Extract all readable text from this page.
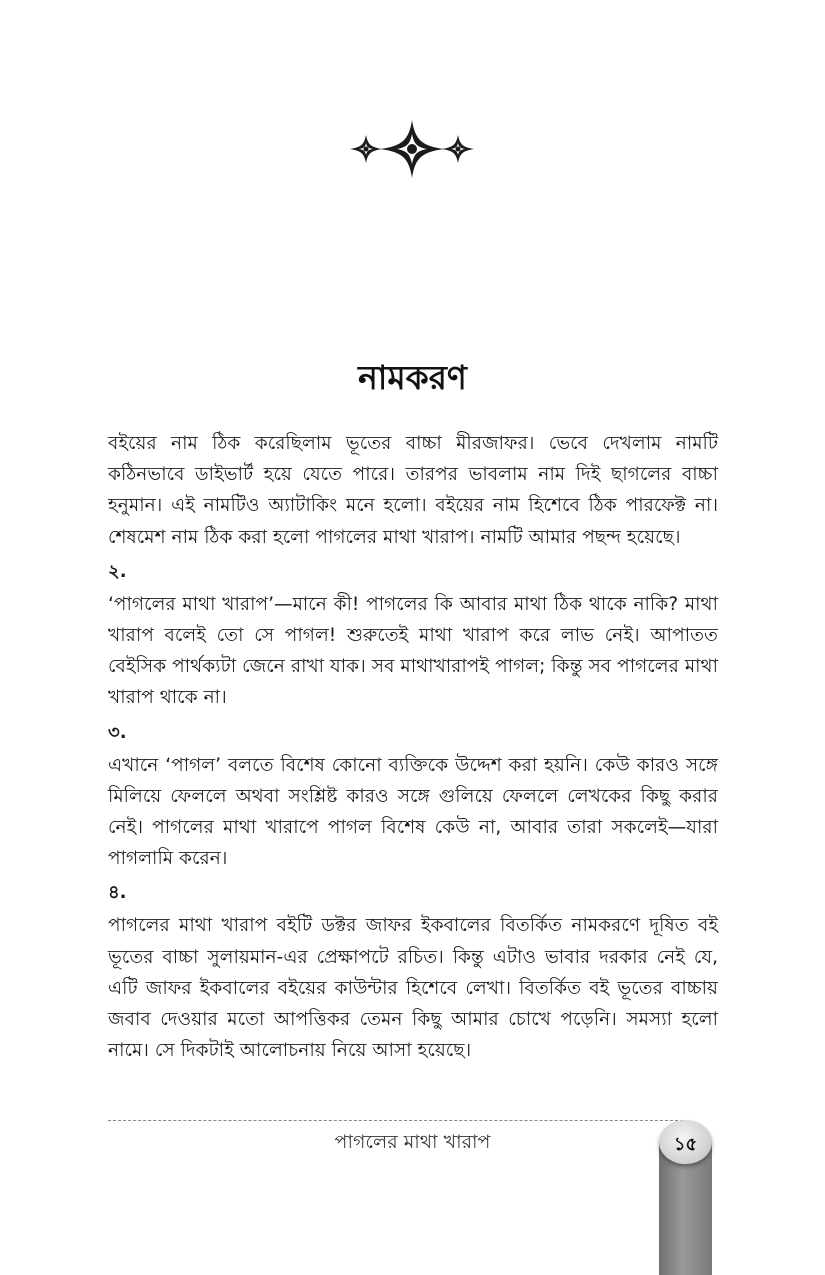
নামকরণ

বইয়ের নাম ঠিক করেছিলাম ভূতের বাচ্চা মীরজাফর। ভেবে দেখলাম নামটি কঠিনভাবে ডাইভার্ট হয়ে যেতে পারে। তারপর ভাবলাম নাম দিই ছাগলের বাচ্চা হনুমান। এই নামটিও অ্যাটাকিং মনে হলো। বইয়ের নাম হিশেবে ঠিক পারফেক্ট না। শেষমেশ নাম ঠিক করা হলো পাগলের মাথা খারাপ। নামটি আমার পছন্দ হয়েছে।

২.

‘পাগলের মাথা খারাপ’—মানে কী! পাগলের কি আবার মাথা ঠিক থাকে নাকি? মাথা খারাপ বলেই তো সে পাগল! শুরুতেই মাথা খারাপ করে লাভ নেই। আপাতত বেইসিক পার্থক্যটা জেনে রাখা যাক। সব মাথাখারাপই পাগল; কিন্তু সব পাগলের মাথা খারাপ থাকে না।

৩.

এখানে ‘পাগল’ বলতে বিশেষ কোনো ব্যক্তিকে উদ্দেশ করা হয়নি। কেউ কারও সঙ্গে মিলিয়ে ফেললে অথবা সংশ্লিষ্ট কারও সঙ্গে গুলিয়ে ফেললে লেখকের কিছু করার নেই। পাগলের মাথা খারাপে পাগল বিশেষ কেউ না, আবার তারা সকলেই—যারা পাগলামি করেন।

৪.

পাগলের মাথা খারাপ বইটি ডক্টর জাফর ইকবালের বিতর্কিত নামকরণে দূষিত বই ভূতের বাচ্চা সুলায়মান-এর প্রেক্ষাপটে রচিত। কিন্তু এটাও ভাবার দরকার নেই যে, এটি জাফর ইকবালের বইয়ের কাউন্টার হিশেবে লেখা। বিতর্কিত বই ভূতের বাচ্চায় জবাব দেওয়ার মতো আপত্তিকর তেমন কিছু আমার চোখে পড়েনি। সমস্যা হলো নামে। সে দিকটাই আলোচনায় নিয়ে আসা হয়েছে।

পাগলের মাথা খারাপ	১৫
